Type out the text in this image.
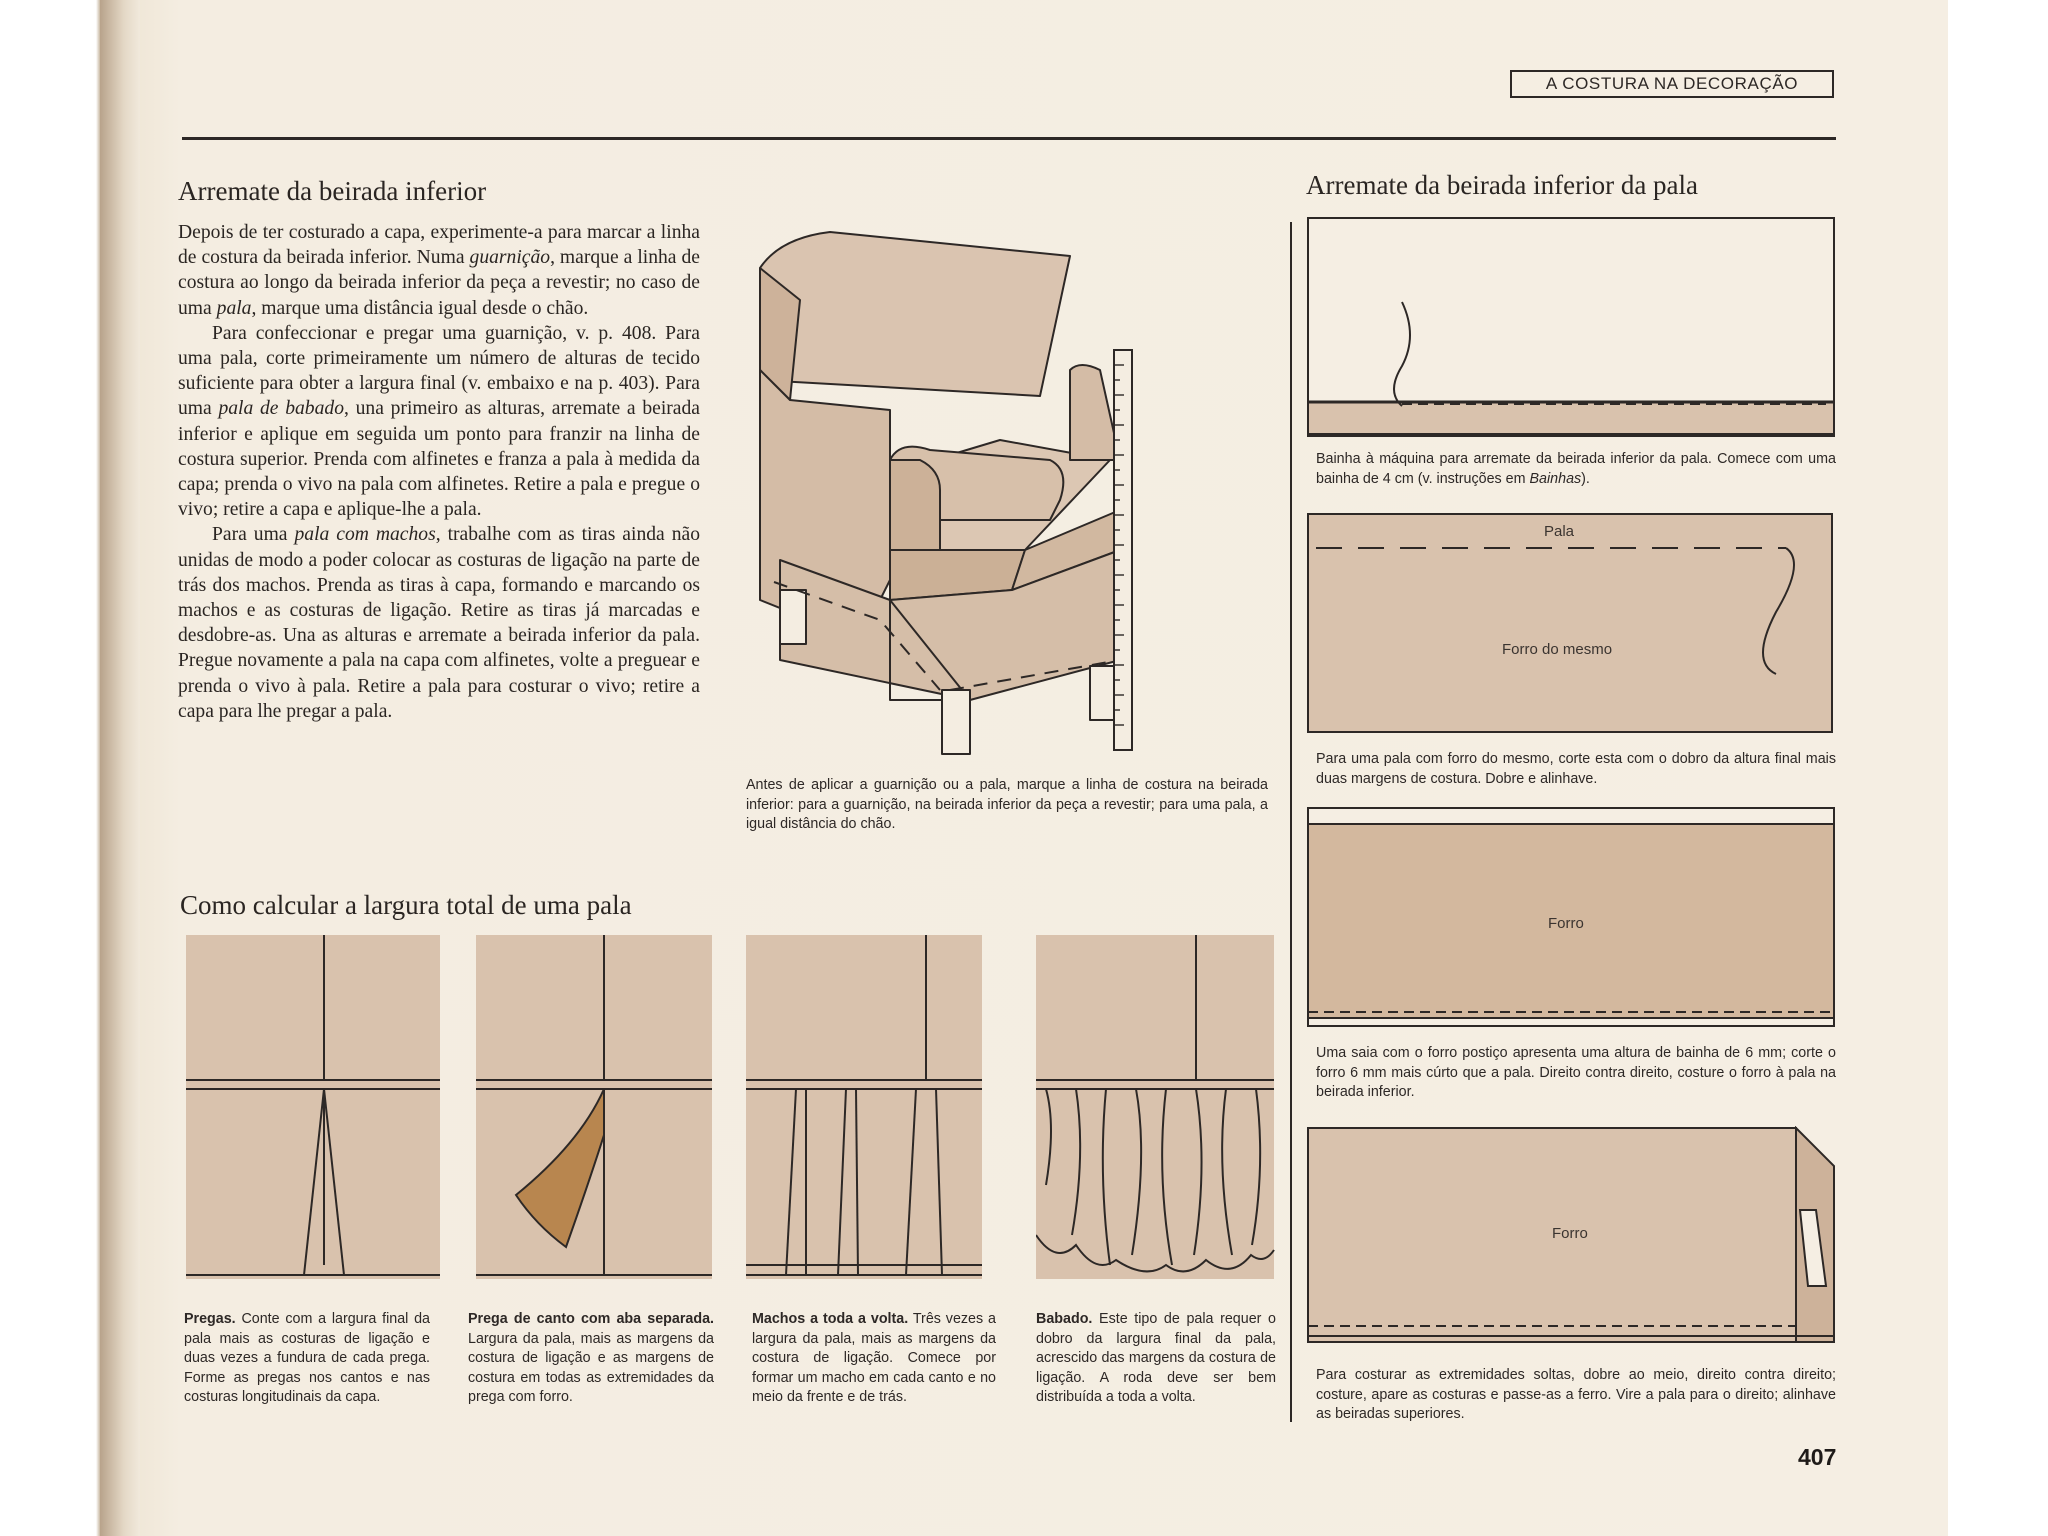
A COSTURA NA DECORAÇÃO
Arremate da beirada inferior

Depois de ter costurado a capa, experimente-a para marcar a linha de costura da beirada inferior. Numa guarnição, marque a linha de costura ao longo da beirada inferior da peça a revestir; no caso de uma pala, marque uma distância igual desde o chão.

Para confeccionar e pregar uma guarnição, v. p. 408. Para uma pala, corte primeiramente um número de alturas de tecido suficiente para obter a largura final (v. embaixo e na p. 403). Para uma pala de babado, una primeiro as alturas, arremate a beirada inferior e aplique em seguida um ponto para franzir na linha de costura superior. Prenda com alfinetes e franza a pala à medida da capa; prenda o vivo na pala com alfinetes. Retire a pala e pregue o vivo; retire a capa e aplique-lhe a pala.

Para uma pala com machos, trabalhe com as tiras ainda não unidas de modo a poder colocar as costuras de ligação na parte de trás dos machos. Prenda as tiras à capa, formando e marcando os machos e as costuras de ligação. Retire as tiras já marcadas e desdobre-as. Una as alturas e arremate a beirada inferior da pala. Pregue novamente a pala na capa com alfinetes, volte a preguear e prenda o vivo à pala. Retire a pala para costurar o vivo; retire a capa para lhe pregar a pala.

Antes de aplicar a guarnição ou a pala, marque a linha de costura na beirada inferior: para a guarnição, na beirada inferior da peça a revestir; para uma pala, a igual distância do chão.
Como calcular a largura total de uma pala
Pregas. Conte com a largura final da pala mais as costuras de ligação e duas vezes a fundura de cada prega. Forme as pregas nos cantos e nas costuras longitudinais da capa.
Prega de canto com aba separada. Largura da pala, mais as margens da costura de ligação e as margens de costura em todas as extremidades da prega com forro.
Machos a toda a volta. Três vezes a largura da pala, mais as margens da costura de ligação. Comece por formar um macho em cada canto e no meio da frente e de trás.
Babado. Este tipo de pala requer o dobro da largura final da pala, acrescido das margens da costura de ligação. A roda deve ser bem distribuída a toda a volta.
Arremate da beirada inferior da pala
Bainha à máquina para arremate da beirada inferior da pala. Comece com uma bainha de 4 cm (v. instruções em Bainhas).
Pala
Forro do mesmo
Para uma pala com forro do mesmo, corte esta com o dobro da altura final mais duas margens de costura. Dobre e alinhave.
Forro
Uma saia com o forro postiço apresenta uma altura de bainha de 6 mm; corte o forro 6 mm mais cúrto que a pala. Direito contra direito, costure o forro à pala na beirada inferior.
Forro
Para costurar as extremidades soltas, dobre ao meio, direito contra direito; costure, apare as costuras e passe-as a ferro. Vire a pala para o direito; alinhave as beiradas superiores.
407
